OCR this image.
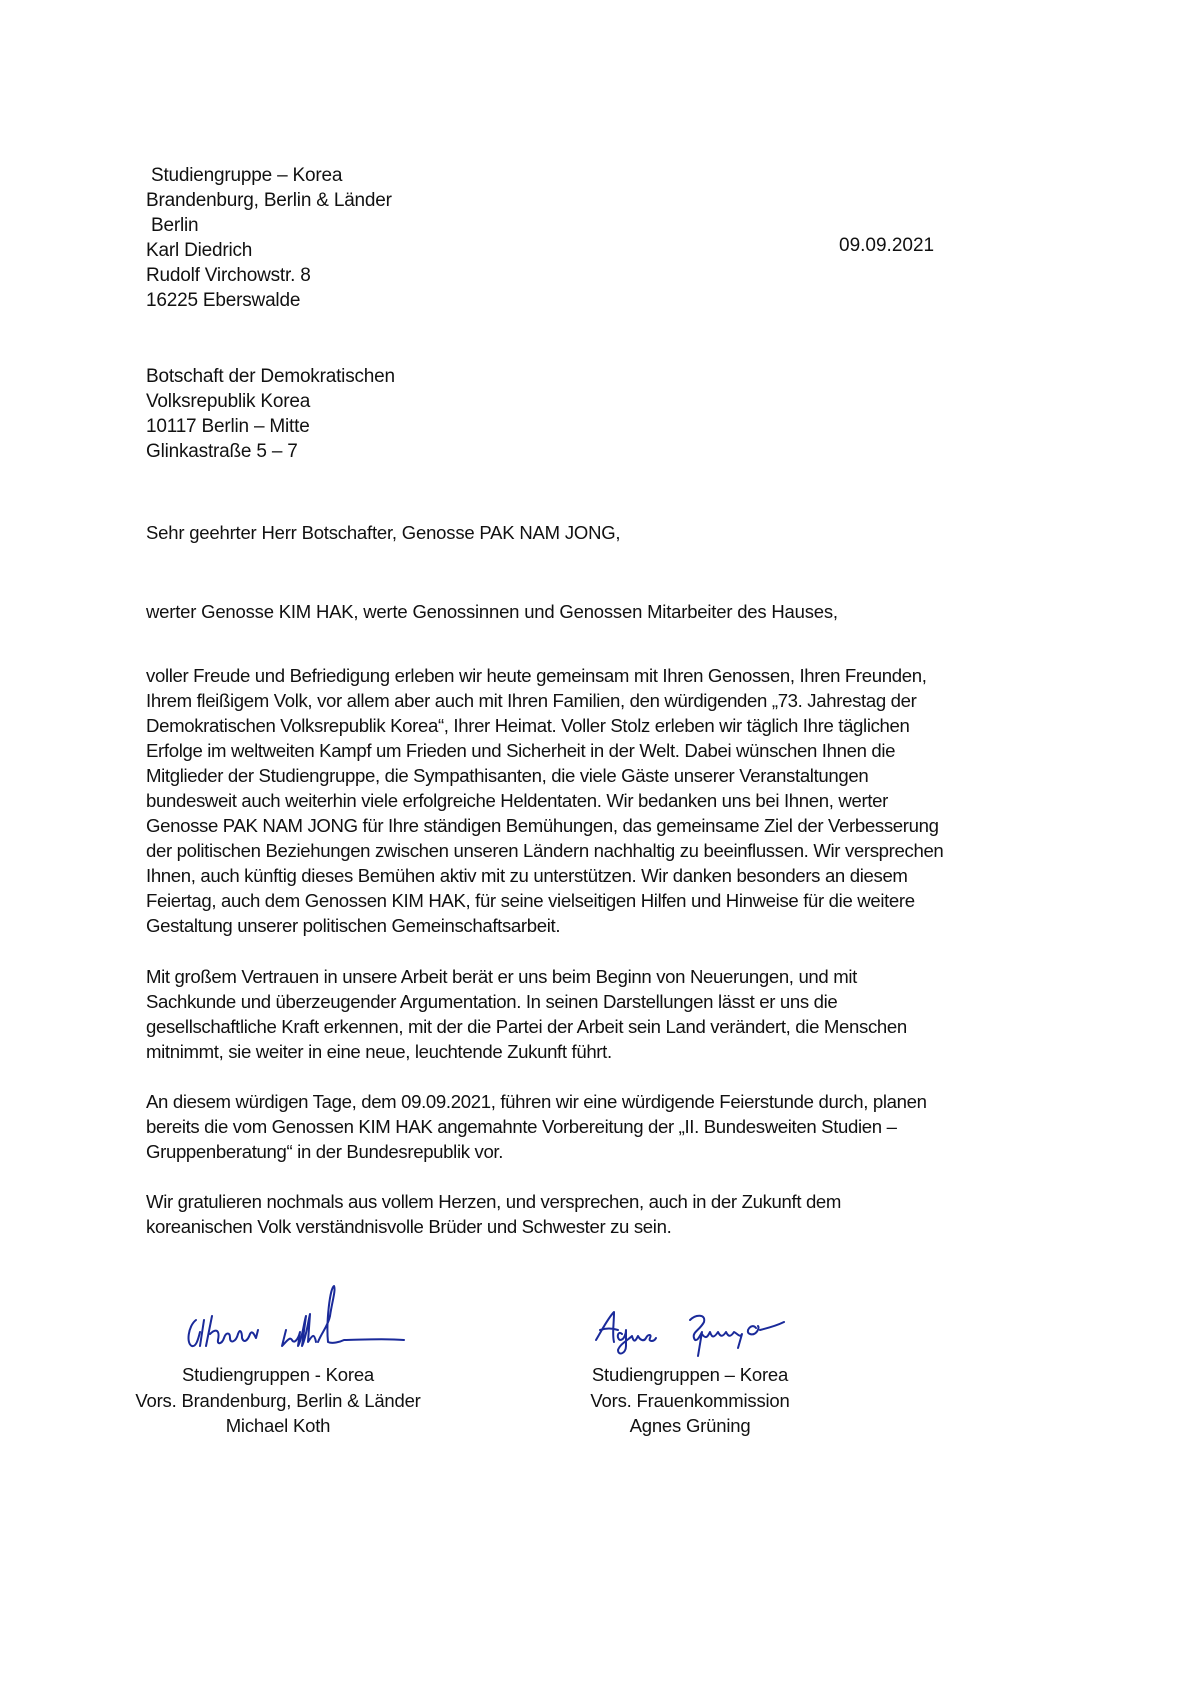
Studiengruppe – Korea
Brandenburg, Berlin & Länder
Berlin
Karl Diedrich
Rudolf Virchowstr. 8
16225 Eberswalde
09.09.2021
Botschaft der Demokratischen
Volksrepublik Korea
10117 Berlin – Mitte
Glinkastraße 5 – 7
Sehr geehrter Herr Botschafter, Genosse PAK NAM JONG,
werter Genosse KIM HAK, werte Genossinnen und Genossen Mitarbeiter des Hauses,
voller Freude und Befriedigung erleben wir heute gemeinsam mit Ihren Genossen, Ihren Freunden,
Ihrem fleißigem Volk, vor allem aber auch mit Ihren Familien, den würdigenden „73. Jahrestag der
Demokratischen Volksrepublik Korea“, Ihrer Heimat. Voller Stolz erleben wir täglich Ihre täglichen
Erfolge im weltweiten Kampf um Frieden und Sicherheit in der Welt. Dabei wünschen Ihnen die
Mitglieder der Studiengruppe, die Sympathisanten, die viele Gäste unserer Veranstaltungen
bundesweit auch weiterhin viele erfolgreiche Heldentaten. Wir bedanken uns bei Ihnen, werter
Genosse PAK NAM JONG für Ihre ständigen Bemühungen, das gemeinsame Ziel der Verbesserung
der politischen Beziehungen zwischen unseren Ländern nachhaltig zu beeinflussen. Wir versprechen
Ihnen, auch künftig dieses Bemühen aktiv mit zu unterstützen. Wir danken besonders an diesem
Feiertag, auch dem Genossen KIM HAK, für seine vielseitigen Hilfen und Hinweise für die weitere
Gestaltung unserer politischen Gemeinschaftsarbeit.
Mit großem Vertrauen in unsere Arbeit berät er uns beim Beginn von Neuerungen, und mit
Sachkunde und überzeugender Argumentation. In seinen Darstellungen lässt er uns die
gesellschaftliche Kraft erkennen, mit der die Partei der Arbeit sein Land verändert, die Menschen
mitnimmt, sie weiter in eine neue, leuchtende Zukunft führt.
An diesem würdigen Tage, dem 09.09.2021, führen wir eine würdigende Feierstunde durch, planen
bereits die vom Genossen KIM HAK angemahnte Vorbereitung der „II. Bundesweiten Studien –
Gruppenberatung“ in der Bundesrepublik vor.
Wir gratulieren nochmals aus vollem Herzen, und versprechen, auch in der Zukunft dem
koreanischen Volk verständnisvolle Brüder und Schwester zu sein.
Studiengruppen - Korea
Vors. Brandenburg, Berlin & Länder
Michael Koth
Studiengruppen – Korea
Vors. Frauenkommission
Agnes Grüning
